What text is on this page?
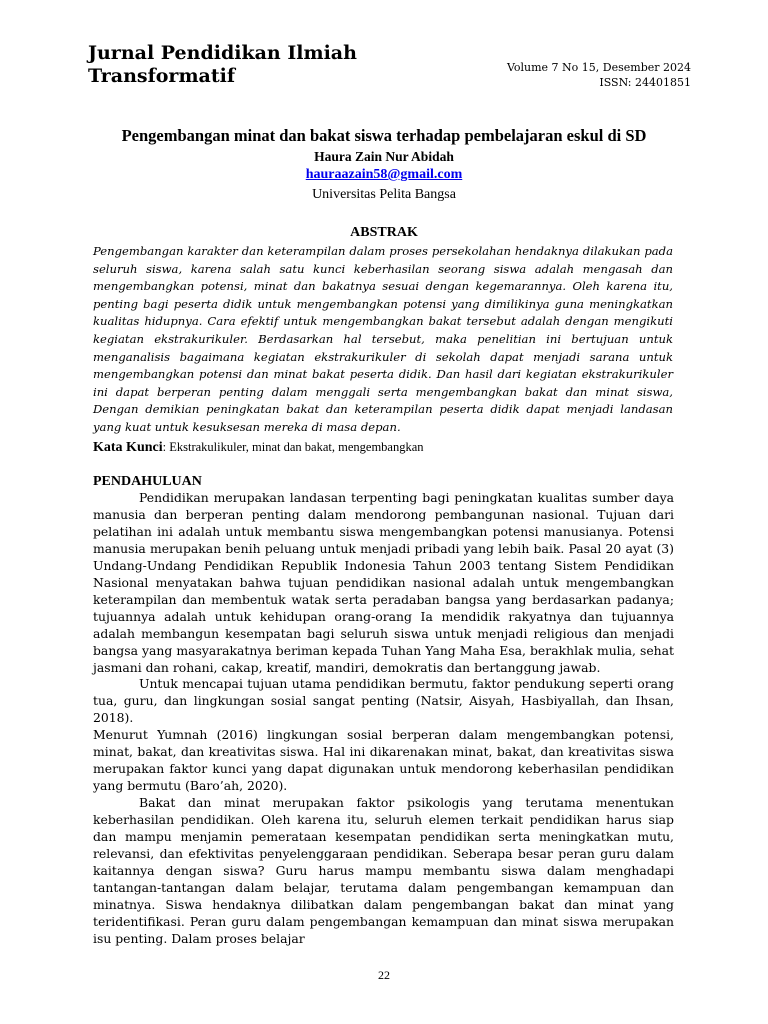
Jurnal Pendidikan Ilmiah Transformatif	Volume 7 No 15, Desember 2024
ISSN: 24401851
Pengembangan minat dan bakat siswa terhadap pembelajaran eskul di SD
Haura Zain Nur Abidah
hauraazain58@gmail.com
Universitas Pelita Bangsa
ABSTRAK

Pengembangan karakter dan keterampilan dalam proses persekolahan hendaknya dilakukan pada seluruh siswa, karena salah satu kunci keberhasilan seorang siswa adalah mengasah dan mengembangkan potensi, minat dan bakatnya sesuai dengan kegemarannya. Oleh karena itu, penting bagi peserta didik untuk mengembangkan potensi yang dimilikinya guna meningkatkan kualitas hidupnya. Cara efektif untuk mengembangkan bakat tersebut adalah dengan mengikuti kegiatan ekstrakurikuler. Berdasarkan hal tersebut, maka penelitian ini bertujuan untuk menganalisis bagaimana kegiatan ekstrakurikuler di sekolah dapat menjadi sarana untuk mengembangkan potensi dan minat bakat peserta didik. Dan hasil dari kegiatan ekstrakurikuler ini dapat berperan penting dalam menggali serta mengembangkan bakat dan minat siswa, Dengan demikian peningkatan bakat dan keterampilan peserta didik dapat menjadi landasan yang kuat untuk kesuksesan mereka di masa depan.

Kata Kunci: Ekstrakulikuler, minat dan bakat, mengembangkan
PENDAHULUAN

Pendidikan merupakan landasan terpenting bagi peningkatan kualitas sumber daya manusia dan berperan penting dalam mendorong pembangunan nasional. Tujuan dari pelatihan ini adalah untuk membantu siswa mengembangkan potensi manusianya. Potensi manusia merupakan benih peluang untuk menjadi pribadi yang lebih baik. Pasal 20 ayat (3) Undang-Undang Pendidikan Republik Indonesia Tahun 2003 tentang Sistem Pendidikan Nasional menyatakan bahwa tujuan pendidikan nasional adalah untuk mengembangkan keterampilan dan membentuk watak serta peradaban bangsa yang berdasarkan padanya; tujuannya adalah untuk kehidupan orang-orang Ia mendidik rakyatnya dan tujuannya adalah membangun kesempatan bagi seluruh siswa untuk menjadi religious dan menjadi bangsa yang masyarakatnya beriman kepada Tuhan Yang Maha Esa, berakhlak mulia, sehat jasmani dan rohani, cakap, kreatif, mandiri, demokratis dan bertanggung jawab.

Untuk mencapai tujuan utama pendidikan bermutu, faktor pendukung seperti orang tua, guru, dan lingkungan sosial sangat penting (Natsir, Aisyah, Hasbiyallah, dan Ihsan, 2018).

Menurut Yumnah (2016) lingkungan sosial berperan dalam mengembangkan potensi, minat, bakat, dan kreativitas siswa. Hal ini dikarenakan minat, bakat, dan kreativitas siswa merupakan faktor kunci yang dapat digunakan untuk mendorong keberhasilan pendidikan yang bermutu (Baro’ah, 2020).

Bakat dan minat merupakan faktor psikologis yang terutama menentukan keberhasilan pendidikan. Oleh karena itu, seluruh elemen terkait pendidikan harus siap dan mampu menjamin pemerataan kesempatan pendidikan serta meningkatkan mutu, relevansi, dan efektivitas penyelenggaraan pendidikan. Seberapa besar peran guru dalam kaitannya dengan siswa? Guru harus mampu membantu siswa dalam menghadapi tantangan-tantangan dalam belajar, terutama dalam pengembangan kemampuan dan minatnya. Siswa hendaknya dilibatkan dalam pengembangan bakat dan minat yang teridentifikasi. Peran guru dalam pengembangan kemampuan dan minat siswa merupakan isu penting. Dalam proses belajar

22
